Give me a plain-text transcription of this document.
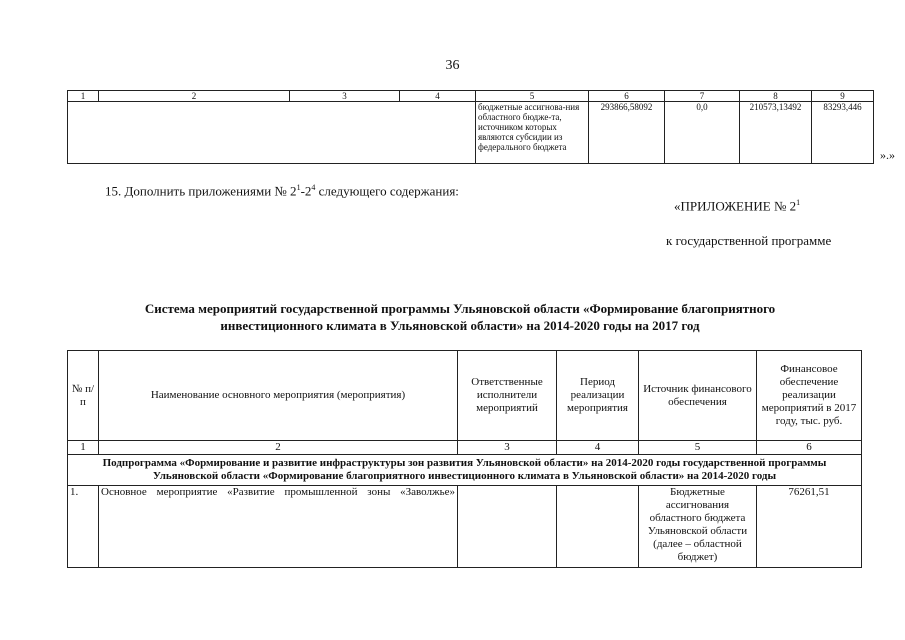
36
1	2	3	4	5	6	7	8	9
				бюджетные ассигнова-ния областного бюдже-та, источником которых являются субсидии из федерального бюджета	293866,58092	0,0	210573,13492	83293,446
».»
15. Дополнить приложениями № $2^1-2^4$ следующего содержания:
«ПРИЛОЖЕНИЕ № $2^1$
к государственной программе
Система мероприятий государственной программы Ульяновской области «Формирование благоприятного
инвестиционного климата в Ульяновской области» на 2014-2020 годы на 2017 год
№ п/п	Наименование основного мероприятия (мероприятия)	Ответственные исполнители мероприятий	Период реализации мероприятия	Источник финансового обеспечения	Финансовое обеспечение реализации мероприятий в 2017 году, тыс. руб.
1	2	3	4	5	6
Подпрограмма «Формирование и развитие инфраструктуры зон развития Ульяновской области» на 2014-2020 годы государственной программы Ульяновской области «Формирование благоприятного инвестиционного климата в Ульяновской области» на 2014-2020 годы					
1.	Основное мероприятие «Развитие промышленной зоны «Заволжье»			Бюджетные ассигнования областного бюджета Ульяновской области (далее – областной бюджет)	76261,51
